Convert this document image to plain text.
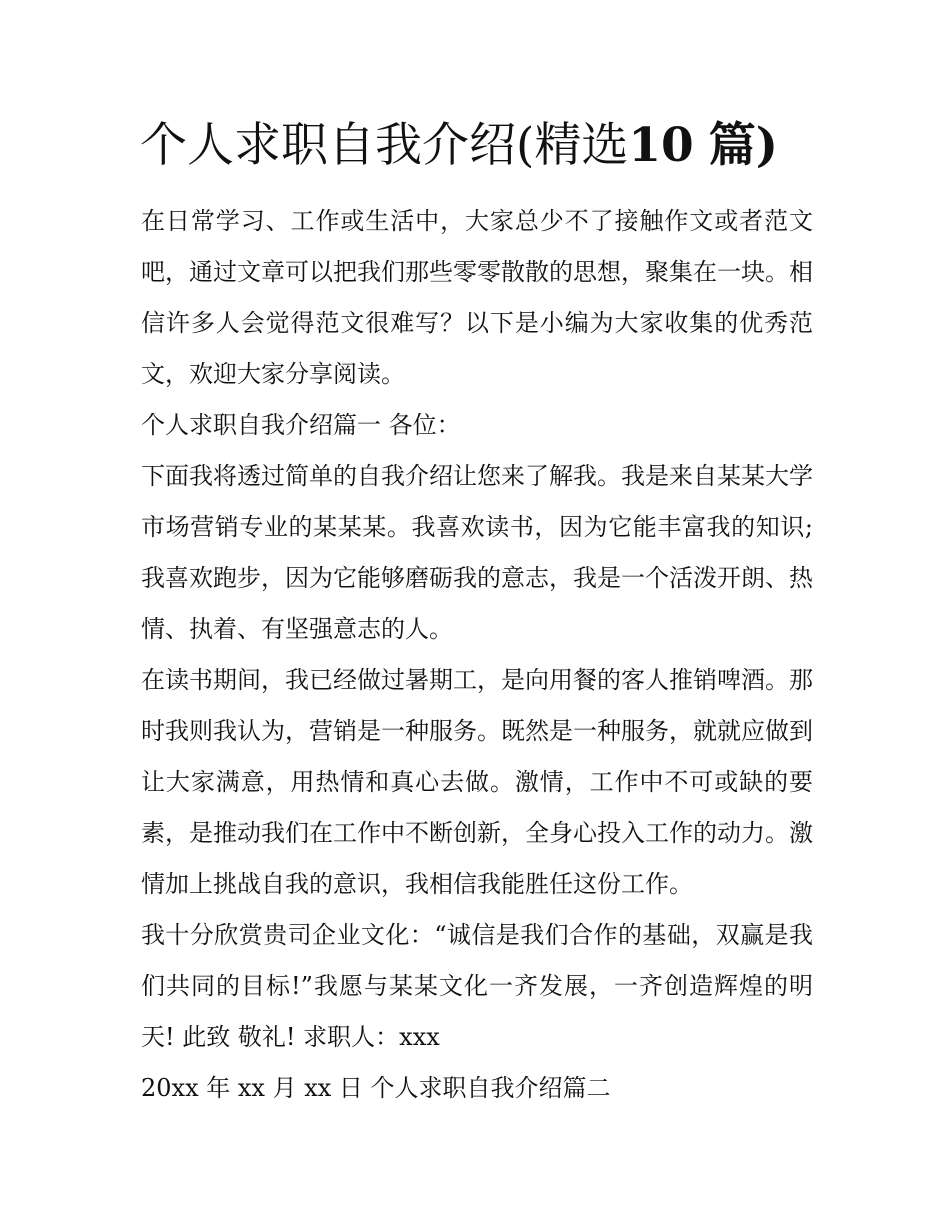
个人求职自我介绍(精选10 篇)

在日常学习、工作或生活中，大家总少不了接触作文或者范文吧，通过文章可以把我们那些零零散散的思想，聚集在一块。相信许多人会觉得范文很难写？以下是小编为大家收集的优秀范文，欢迎大家分享阅读。

个人求职自我介绍篇一 各位：

下面我将透过简单的自我介绍让您来了解我。我是来自某某大学市场营销专业的某某某。我喜欢读书，因为它能丰富我的知识;我喜欢跑步，因为它能够磨砺我的意志，我是一个活泼开朗、热情、执着、有坚强意志的人。

在读书期间，我已经做过暑期工，是向用餐的客人推销啤酒。那时我则我认为，营销是一种服务。既然是一种服务，就就应做到让大家满意，用热情和真心去做。激情，工作中不可或缺的要素，是推动我们在工作中不断创新，全身心投入工作的动力。激情加上挑战自我的意识，我相信我能胜任这份工作。

我十分欣赏贵司企业文化：“诚信是我们合作的基础，双赢是我们共同的目标!”我愿与某某文化一齐发展，一齐创造辉煌的明天! 此致 敬礼! 求职人：xxx

20xx 年 xx 月 xx 日 个人求职自我介绍篇二
